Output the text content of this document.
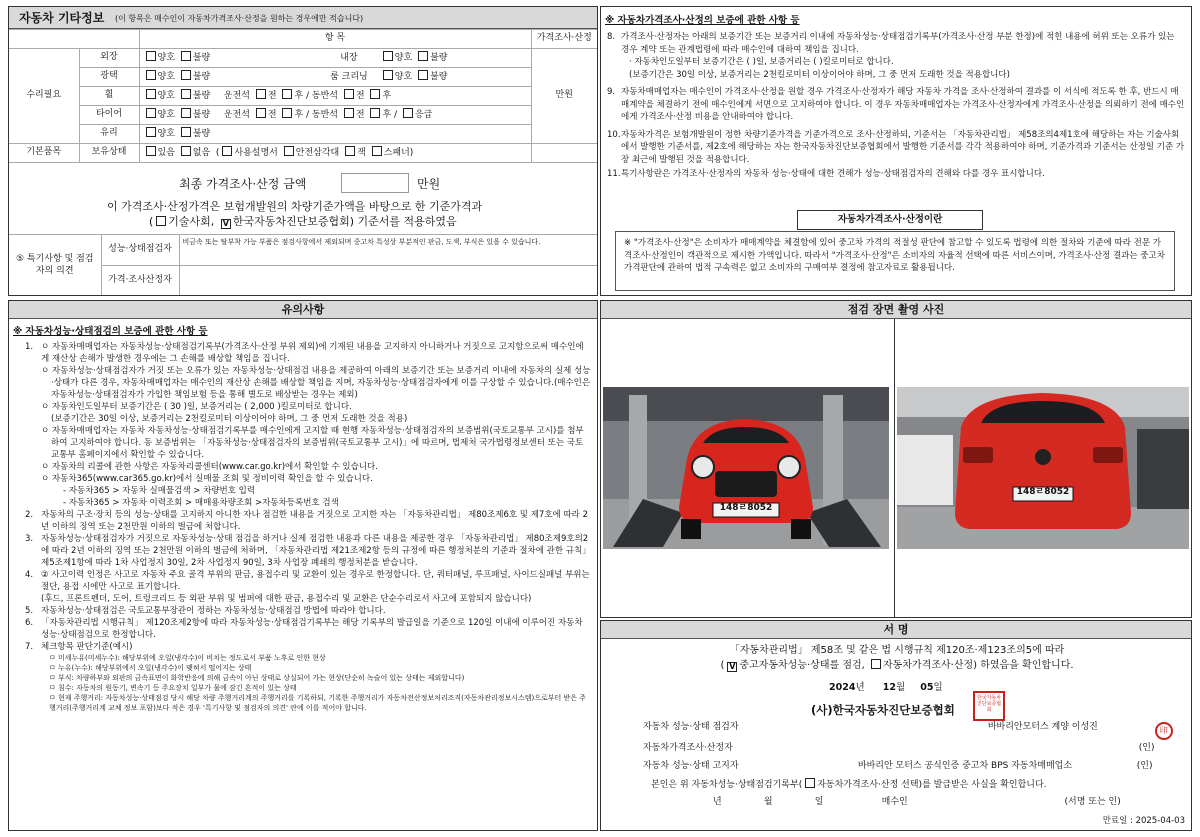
자동차 기타정보 (이 항목은 매수인이 자동차가격조사·산정을 원하는 경우에만 적습니다)
		항 목	가격조사·산정
수리필요	외장	양호 불량 내장 양호 불량	만원
	광택	양호 불량 룸 크리닝 양호 불량	
	휠	양호 불량 운전석 전 후 / 동반석 전 후	
	타이어	양호 불량 운전석 전 후 / 동반석 전 후 / 응급	
	유리	양호 불량	
기본품목	보유상태	있음 없음  ( 사용설명서 안전삼각대 잭 스패너)	
최종 가격조사·산정 금액	만원
이 가격조사·산정가격은 보험개발원의 차량기준가액을 바탕으로 한 기준가격과
( 기술사회, V 한국자동차진단보증협회) 기준서를 적용하였음
⑤ 특기사항 및 점검자의 의견	성능·상태점검자	비금속 또는 탈부착 가능 부품은 점검사항에서 제외되며 중고차 특성상 부분적인 판금, 도색, 부식은 있을 수 있습니다.
	가격·조사산정자	
※ 자동차가격조사·산정의 보증에 관한 사항 등
8. 가격조사·산정자는 아래의 보증기간 또는 보증거리 이내에 자동차성능·상태점검기록부(가격조사·산정 부분 한정)에 적힌 내용에 허위 또는 오류가 있는 경우 계약 또는 관계법령에 따라 매수인에 대하여 책임을 집니다.
· 자동차인도일부터 보증기간은 ( )일, 보증거리는 ( )킬로미터로 합니다.
(보증기간은 30일 이상, 보증거리는 2천킬로미터 이상이어야 하며, 그 중 먼저 도래한 것을 적용합니다)
9. 자동차매매업자는 매수인이 가격조사·산정을 원할 경우 가격조사·산정자가 해당 자동차 가격을 조사·산정하여 결과를 이 서식에 적도록 한 후, 반드시 매매계약을 체결하기 전에 매수인에게 서면으로 고지하여야 합니다. 이 경우 자동차매매업자는 가격조사·산정자에게 가격조사·산정을 의뢰하기 전에 매수인에게 가격조사·산정 비용을 안내하여야 합니다.
10.자동차가격은 보험개발원이 정한 차량기준가격을 기준가격으로 조사·산정하되, 기준서는 「자동차관리법」 제58조의4제1호에 해당하는 자는 기술사회에서 발행한 기준서를, 제2호에 해당하는 자는 한국자동차진단보증협회에서 발행한 기준서를 각각 적용하여야 하며, 기준가격과 기준서는 산정일 기준 가장 최근에 발행된 것을 적용합니다.
11.특기사항란은 가격조사·산정자의 자동차 성능·상태에 대한 견해가 성능·상태점검자의 견해와 다를 경우 표시합니다.
자동차가격조사·산정이란
※ "가격조사·산정"은 소비자가 매매계약을 체결함에 있어 중고차 가격의 적절성 판단에 참고할 수 있도록 법령에 의한 절차와 기준에 따라 전문 가격조사·산정인이 객관적으로 제시한 가액입니다. 따라서 "가격조사·산정"은 소비자의 자율적 선택에 따른 서비스이며, 가격조사·산정 결과는 중고차 가격판단에 관하여 법적 구속력은 없고 소비자의 구매여부 결정에 참고자료로 활용됩니다.
유의사항
※ 자동차성능·상태점검의 보증에 관한 사항 등
1. ㅇ 자동차매매업자는 자동차성능·상태점검기록부(가격조사·산정 부위 제외)에 기재된 내용을 고지하지 아니하거나 거짓으로 고지함으로써 매수인에게 재산상 손해가 발생한 경우에는 그 손해를 배상할 책임을 집니다.
ㅇ 자동차성능·상태점검자가 거짓 또는 오류가 있는 자동차성능·상태점검 내용을 제공하여 아래의 보증기간 또는 보증거리 이내에 자동차의 실제 성능·상태가 다른 경우, 자동차매매업자는 매수인의 재산상 손해를 배상할 책임을 지며, 자동차성능·상태점검자에게 이를 구상할 수 있습니다.(매수인은 자동차성능·상태점검자가 가입한 책임보험 등을 통해 별도로 배상받는 경우는 제외)
ㅇ 자동차인도일부터 보증기간은 ( 30 )일, 보증거리는 ( 2,000 )킬로미터로 합니다.
(보증기간은 30일 이상, 보증거리는 2천킬로미터 이상이어야 하며, 그 중 먼저 도래한 것을 적용)
ㅇ 자동차매매업자는 자동차 자동차성능·상태점검기록부를 매수인에게 고지할 때 현행 자동차성능·상태점검자의 보증범위(국토교통부 고시)를 첨부하여 고지하여야 합니다. 동 보증범위는 「자동차성능·상태점검자의 보증범위(국토교통부 고시)」에 따르며, 법제처 국가법령정보센터 또는 국토교통부 홈페이지에서 확인할 수 있습니다.
ㅇ 자동차의 리콜에 관한 사항은 자동차리콜센터(www.car.go.kr)에서 확인할 수 있습니다.
ㅇ 자동차365(www.car365.go.kr)에서 실매물 조회 및 정비이력 확인을 할 수 있습니다.
- 자동차365 > 자동차 실매물검색 > 차량번호 입력
- 자동차365 > 자동차 이력조회 > 매매용차량조회 >자동차등록번호 검색
2. 자동차의 구조·장치 등의 성능·상태를 고지하지 아니한 자나 점검한 내용을 거짓으로 고지한 자는 「자동차관리법」 제80조제6호 및 제7호에 따라 2년 이하의 징역 또는 2천만원 이하의 벌금에 처합니다.
3. 자동차성능·상태점검자가 거짓으로 자동차성능·상태 점검을 하거나 실제 점검한 내용과 다른 내용을 제공한 경우 「자동차관리법」 제80조제9호의2에 따라 2년 이하의 징역 또는 2천만원 이하의 벌금에 처하며, 「자동차관리법 제21조제2항 등의 규정에 따른 행정처분의 기준과 절차에 관한 규칙」 제5조제1항에 따라 1차 사업정지 30일, 2차 사업정지 90일, 3차 사업장 폐쇄의 행정처분을 받습니다.
4. ② 사고이력 인정은 사고로 자동차 주요 골격 부위의 판금, 용접수리 및 교환이 있는 경우로 한정합니다. 단, 쿼터패널, 루프패널, 사이드실패널 부위는 절단, 용접 시에만 사고로 표기합니다.
(후드, 프론트펜더, 도어, 트렁크리드 등 외판 부위 및 범퍼에 대한 판금, 용접수리 및 교환은 단순수리로서 사고에 포함되지 않습니다)
5. 자동차성능·상태점검은 국토교통부장관이 정하는 자동차성능·상태점검 방법에 따라야 합니다.
6. 「자동차관리법 시행규칙」 제120조제2항에 따라 자동차성능·상태점검기록부는 해당 기록부의 발급일을 기준으로 120일 이내에 이루어진 자동차 성능·상태점검으로 한정합니다.
7. 체크항목 판단기준(예시)
ㅁ 미세누유(미세누수): 해당부위에 오일(냉각수)이 비치는 정도로서 부품 노후로 인한 현상
ㅁ 누유(누수): 해당부위에서 오일(냉각수)이 맺혀서 떨어지는 상태
ㅁ 부식: 차량하부와 외판의 금속표면이 화학반응에 의해 금속이 아닌 상태로 상실되어 가는 현상(단순히 녹슬어 있는 상태는 제외합니다)
ㅁ 침수: 자동차의 원동기, 변속기 등 주요장치 일부가 물에 잠긴 흔적이 있는 상태
ㅁ 현재 주행거리: 자동차성능·상태점검 당시 해당 차량 주행거리계의 주행거리를 기록하되, 기록한 주행거리가 자동차전산정보처리조직(자동차관리정보시스템)으로부터 받은 주행거리(주행거리계 교체 정보 포함)보다 적은 경우 '특기사항 및 점검자의 의견' 란에 이를 적어야 합니다.
점검 장면 촬영 사진
148ㄹ8052
148ㄹ8052
서 명
「자동차관리법」 제58조 및 같은 법 시행규칙 제120조·제123조의5에 따라
( V 중고자동차성능·상태를 점검, 자동차가격조사·산정) 하였음을 확인합니다.
2024년 12월 05일
(사)한국자동차진단보증협회
한국자동차진단보증협회
자동차 성능·상태 점검자	바바리안모터스 계양 이성진	印
자동차가격조사·산정자	(인)
자동차 성능·상태 고지자	바바리안 모터스 공식인증 중고차 BPS 자동차매매업소	(인)
본인은 위 자동차성능·상태점검기록부( 자동차가격조사·산정 선택)를 발급받은 사실을 확인합니다.
년	월	일	매수인	(서명 또는 인)
만료일 : 2025-04-03
